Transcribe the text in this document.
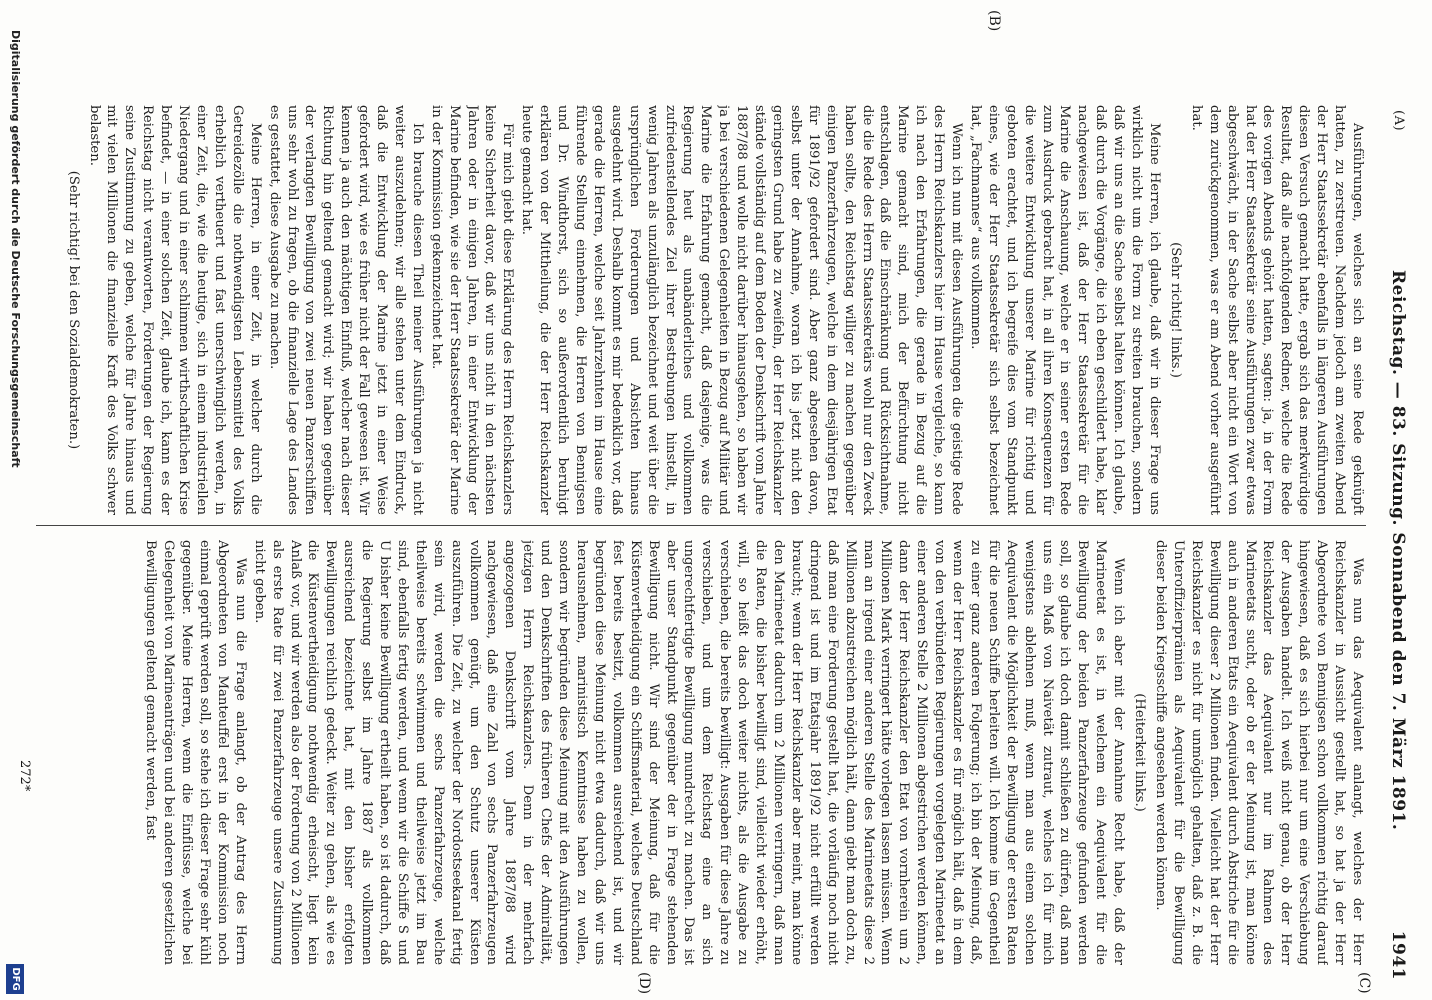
(A)
Reichstag. — 83. Sitzung. Sonnabend den 7. März 1891.
1941
(B)
(C)
(D)

Ausführungen, welches sich an seine Rede geknüpft hatten, zu zerstreuen. Nachdem jedoch am zweiten Abend der Herr Staatssekretär ebenfalls in längeren Ausführungen diesen Versuch gemacht hatte, ergab sich das merkwürdige Resultat, daß alle nachfolgenden Redner, welche die Rede des vorigen Abends gehört hatten, sagten: ja, in der Form hat der Herr Staatssekretär seine Ausführungen zwar etwas abgeschwächt, in der Sache selbst aber nicht ein Wort von dem zurückgenommen, was er am Abend vorher ausgeführt hat.

(Sehr richtig! links.)

Meine Herren, ich glaube, daß wir in dieser Frage uns wirklich nicht um die Form zu streiten brauchen, sondern daß wir uns an die Sache selbst halten können. Ich glaube, daß durch die Vorgänge, die ich eben geschildert habe, klar nachgewiesen ist, daß der Herr Staatssekretär für die Marine die Anschauung, welche er in seiner ersten Rede zum Ausdruck gebracht hat, in all ihren Konsequenzen für die weitere Entwicklung unserer Marine für richtig und geboten erachtet, und ich begreife dies vom Standpunkt eines, wie der Herr Staatssekretär sich selbst bezeichnet hat, „Fachmannes“ aus vollkommen.

Wenn ich nun mit diesen Ausführungen die geistige Rede des Herrn Reichskanzlers hier im Hause vergleiche, so kann ich nach den Erfahrungen, die gerade in Bezug auf die Marine gemacht sind, mich der Befürchtung nicht entschlagen, daß die Einschränkung und Rücksichtnahme, die die Rede des Herrn Staatssekretärs wohl nur den Zweck haben sollte, den Reichstag williger zu machen gegenüber einigen Panzerfahrzeugen, welche in dem diesjährigen Etat für 1891/92 gefordert sind. Aber ganz abgesehen davon, selbst unter der Annahme, woran ich bis jetzt nicht den geringsten Grund habe zu zweifeln, der Herr Reichskanzler stände vollständig auf dem Boden der Denkschrift vom Jahre 1887/88 und wolle nicht darüber hinausgehen, so haben wir ja bei verschiedenen Gelegenheiten in Bezug auf Militär und Marine die Erfahrung gemacht, daß dasjenige, was die Regierung heut als unabänderliches und vollkommen zufriedenstellendes Ziel ihrer Bestrebungen hinstellt, in wenig Jahren als unzulänglich bezeichnet und weit über die ursprünglichen Forderungen und Absichten hinaus ausgedehnt wird. Deshalb kommt es mir bedenklich vor, daß gerade die Herren, welche seit Jahrzehnten im Hause eine führende Stellung einnehmen, die Herren von Bennigsen und Dr. Windthorst, sich so außerordentlich beruhigt erklären von der Mittheilung, die der Herr Reichskanzler heute gemacht hat.

Für mich giebt diese Erklärung des Herrn Reichskanzlers keine Sicherheit davor, daß wir uns nicht in den nächsten Jahren oder in einigen Jahren, in einer Entwicklung der Marine befinden, wie sie der Herr Staatssekretär der Marine in der Kommission gekennzeichnet hat.

Ich brauche diesen Theil meiner Ausführungen ja nicht weiter auszudehnen; wir alle stehen unter dem Eindruck, daß die Entwicklung der Marine jetzt in einer Weise gefordert wird, wie es früher nicht der Fall gewesen ist. Wir kennen ja auch den mächtigen Einfluß, welcher nach dieser Richtung hin geltend gemacht wird; wir haben gegenüber der verlangten Bewilligung von zwei neuen Panzerschiffen uns sehr wohl zu fragen, ob die finanzielle Lage des Landes es gestattet, diese Ausgabe zu machen.

Meine Herren, in einer Zeit, in welcher durch die Getreidezölle die nothwendigsten Lebensmittel des Volks erheblich vertheuert und fast unerschwinglich werden, in einer Zeit, die, wie die heutige, sich in einem industriellen Niedergang und in einer schlimmen wirthschaftlichen Krise befindet, — in einer solchen Zeit, glaube ich, kann es der Reichstag nicht verantworten, Forderungen der Regierung seine Zustimmung zu geben, welche für Jahre hinaus und mit vielen Millionen die finanzielle Kraft des Volks schwer belasten.

(Sehr richtig! bei den Sozialdemokraten.)

Was nun das Aequivalent anlangt, welches der Herr Reichskanzler in Aussicht gestellt hat, so hat ja der Herr Abgeordnete von Bennigsen schon vollkommen richtig darauf hingewiesen, daß es sich hierbei nur um eine Verschiebung der Ausgaben handelt. Ich weiß nicht genau, ob der Herr Reichskanzler das Aequivalent nur im Rahmen des Marineetats sucht, oder ob er der Meinung ist, man könne auch in anderen Etats ein Aequivalent durch Abstriche für die Bewilligung dieser 2 Millionen finden. Vielleicht hat der Herr Reichskanzler es nicht für unmöglich gehalten, daß z. B. die Unteroffizierprämien als Aequivalent für die Bewilligung dieser beiden Kriegsschiffe angesehen werden können.

(Heiterkeit links.)

Wenn ich aber mit der Annahme Recht habe, daß der Marineetat es ist, in welchem ein Aequivalent für die Bewilligung der beiden Panzerfahrzeuge gefunden werden soll, so glaube ich doch damit schließen zu dürfen, daß man uns ein Maß von Naivetät zutraut, welches ich für mich wenigstens ablehnen muß, wenn man aus einem solchen Aequivalent die Möglichkeit der Bewilligung der ersten Raten für die neuen Schiffe herleiten will. Ich komme im Gegentheil zu einer ganz anderen Folgerung; ich bin der Meinung, daß, wenn der Herr Reichskanzler es für möglich hält, daß in dem von den verbündeten Regierungen vorgelegten Marineetat an einer anderen Stelle 2 Millionen abgestrichen werden können, dann der Herr Reichskanzler den Etat von vornherein um 2 Millionen Mark verringert hätte vorlegen lassen müssen. Wenn man an irgend einer anderen Stelle des Marineetats diese 2 Millionen abzustreichen möglich hält, dann giebt man doch zu, daß man eine Forderung gestellt hat, die vorläufig noch nicht dringend ist und im Etatsjahr 1891/92 nicht erfüllt werden braucht; wenn der Herr Reichskanzler aber meint, man könne den Marineetat dadurch um 2 Millionen verringern, daß man die Raten, die bisher bewilligt sind, vielleicht wieder erhöht, will, so heißt das doch weiter nichts, als die Ausgabe zu verschieben, die bereits bewilligt: Ausgaben für diese Jahre zu verschieben, und um dem Reichstag eine an sich ungerechtfertigte Bewilligung mundrecht zu machen. Das ist aber unser Standpunkt gegenüber der in Frage stehenden Bewilligung nicht. Wir sind der Meinung, daß für die Küstenvertheidigung ein Schiffsmaterial, welches Deutschland fest bereits besitzt, vollkommen ausreichend ist, und wir begründen diese Meinung nicht etwa dadurch, daß wir uns herausnehmen, marinistisch Kenntnisse haben zu wollen, sondern wir begründen diese Meinung mit den Ausführungen und den Denkschriften des früheren Chefs der Admiralität, jetzigen Herrn Reichskanzlers. Denn in der mehrfach angezogenen Denkschrift vom Jahre 1887/88 wird nachgewiesen, daß eine Zahl von sechs Panzerfahrzeugen vollkommen genügt, um den Schutz unserer Küsten auszuführen. Die Zeit, zu welcher der Nordostseekanal fertig sein wird, werden die sechs Panzerfahrzeuge, welche theilweise bereits schwimmen und theilweise jetzt im Bau sind, ebenfalls fertig werden, und wenn wir die Schiffe S und U bisher keine Bewilligung ertheilt haben, so ist dadurch, daß die Regierung selbst im Jahre 1887 als vollkommen ausreichend bezeichnet hat, mit den bisher erfolgten Bewilligungen reichlich gedeckt. Weiter zu gehen, als wie es die Küstenvertheidigung nothwendig erheischt, liegt kein Anlaß vor, und wir werden also der Forderung von 2 Millionen als erste Rate für zwei Panzerfahrzeuge unsere Zustimmung nicht geben.

Was nun die Frage anlangt, ob der Antrag des Herrn Abgeordneten von Manteuffel erst in der Kommission noch einmal geprüft werden soll, so stehe ich dieser Frage sehr kühl gegenüber. Meine Herren, wenn die Einflüsse, welche bei Gelegenheit von Marineanträgen und bei anderen gesetzlichen Bewilligungen geltend gemacht werden, fast

272*
Digitalisierung gefördert durch die Deutsche Forschungsgemeinschaft
DFG
